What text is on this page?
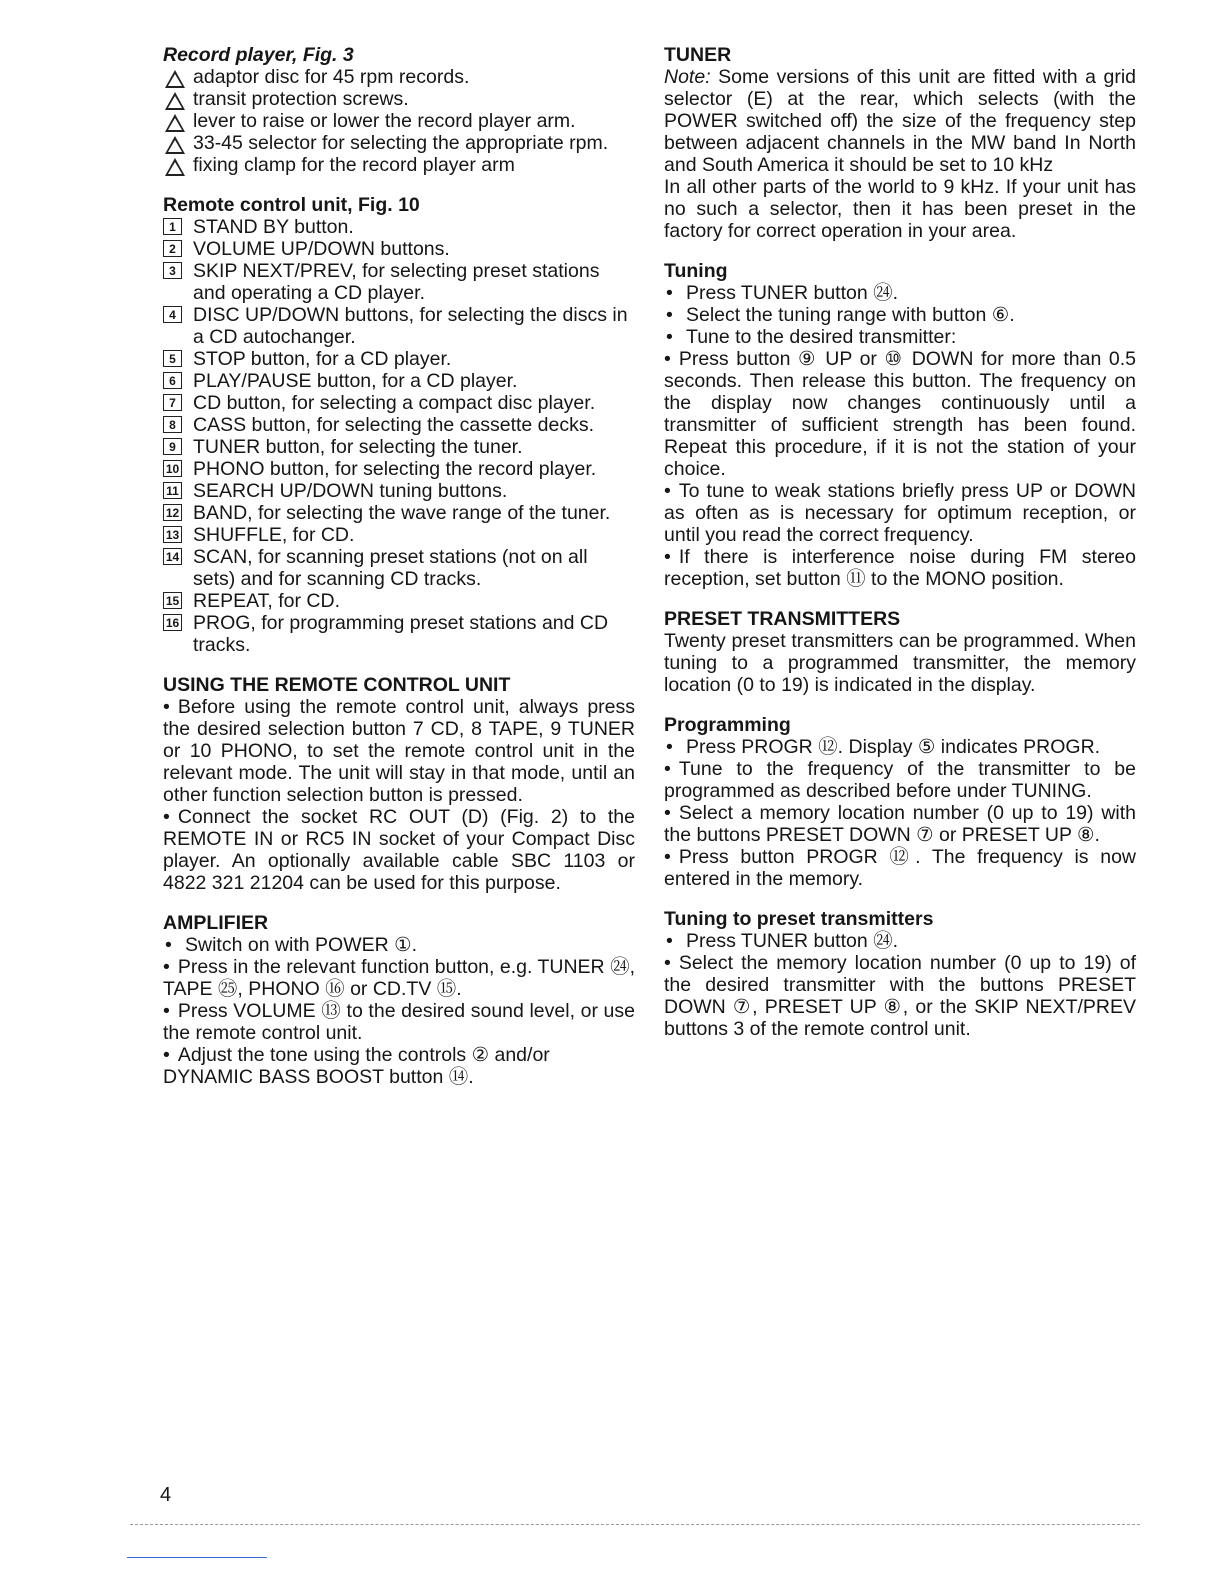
Record player, Fig. 3
adaptor disc for 45 rpm records.
transit protection screws.
lever to raise or lower the record player arm.
33-45 selector for selecting the appropriate rpm.
fixing clamp for the record player arm
Remote control unit, Fig. 10
1 STAND BY button.
2 VOLUME UP/DOWN buttons.
3 SKIP NEXT/PREV, for selecting preset stations and operating a CD player.
4 DISC UP/DOWN buttons, for selecting the discs in a CD autochanger.
5 STOP button, for a CD player.
6 PLAY/PAUSE button, for a CD player.
7 CD button, for selecting a compact disc player.
8 CASS button, for selecting the cassette decks.
9 TUNER button, for selecting the tuner.
10 PHONO button, for selecting the record player.
11 SEARCH UP/DOWN tuning buttons.
12 BAND, for selecting the wave range of the tuner.
13 SHUFFLE, for CD.
14 SCAN, for scanning preset stations (not on all sets) and for scanning CD tracks.
15 REPEAT, for CD.
16 PROG, for programming preset stations and CD tracks.
USING THE REMOTE CONTROL UNIT

• Before using the remote control unit, always press the desired selection button 7 CD, 8 TAPE, 9 TUNER or 10 PHONO, to set the remote control unit in the relevant mode. The unit will stay in that mode, until an other function selection button is pressed.

• Connect the socket RC OUT (D) (Fig. 2) to the REMOTE IN or RC5 IN socket of your Compact Disc player. An optionally available cable SBC 1103 or 4822 321 21204 can be used for this purpose.

AMPLIFIER

• Switch on with POWER ①.

• Press in the relevant function button, e.g. TUNER ㉔, TAPE ㉕, PHONO ⑯ or CD.TV ⑮.

• Press VOLUME ⑬ to the desired sound level, or use the remote control unit.

• Adjust the tone using the controls ② and/or DYNAMIC BASS BOOST button ⑭.

TUNER

Note: Some versions of this unit are fitted with a grid selector (E) at the rear, which selects (with the POWER switched off) the size of the frequency step between adjacent channels in the MW band In North and South America it should be set to 10 kHz

In all other parts of the world to 9 kHz. If your unit has no such a selector, then it has been preset in the factory for correct operation in your area.

Tuning

• Press TUNER button ㉔.

• Select the tuning range with button ⑥.

• Tune to the desired transmitter:

• Press button ⑨ UP or ⑩ DOWN for more than 0.5 seconds. Then release this button. The frequency on the display now changes continuously until a transmitter of sufficient strength has been found. Repeat this procedure, if it is not the station of your choice.

• To tune to weak stations briefly press UP or DOWN as often as is necessary for optimum reception, or until you read the correct frequency.

• If there is interference noise during FM stereo reception, set button ⑪ to the MONO position.

PRESET TRANSMITTERS

Twenty preset transmitters can be programmed. When tuning to a programmed transmitter, the memory location (0 to 19) is indicated in the display.

Programming

• Press PROGR ⑫. Display ⑤ indicates PROGR.

• Tune to the frequency of the transmitter to be programmed as described before under TUNING.

• Select a memory location number (0 up to 19) with the buttons PRESET DOWN ⑦ or PRESET UP ⑧.

• Press button PROGR ⑫. The frequency is now entered in the memory.

Tuning to preset transmitters

• Press TUNER button ㉔.

• Select the memory location number (0 up to 19) of the desired transmitter with the buttons PRESET DOWN ⑦, PRESET UP ⑧, or the SKIP NEXT/PREV buttons 3 of the remote control unit.

4
